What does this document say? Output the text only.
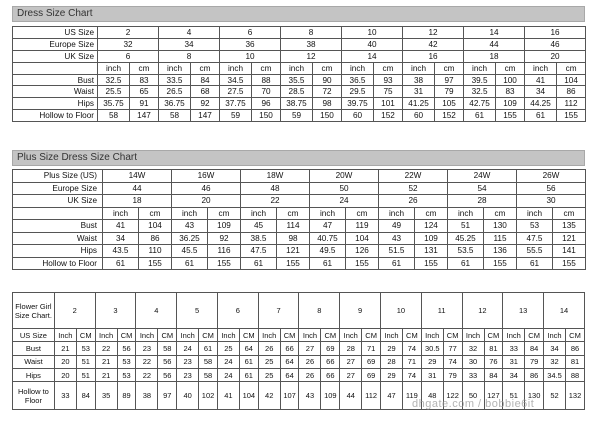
Dress Size Chart
US Size	2		4		6		8		10		12		14		16	
Europe Size	32		34		36		38		40		42		44		46	
UK Size	6		8		10		12		14		16		18		20	
	inch	cm	inch	cm	inch	cm	inch	cm	inch	cm	inch	cm	inch	cm	inch	cm
Bust	32.5	83	33.5	84	34.5	88	35.5	90	36.5	93	38	97	39.5	100	41	104
Waist	25.5	65	26.5	68	27.5	70	28.5	72	29.5	75	31	79	32.5	83	34	86
Hips	35.75	91	36.75	92	37.75	96	38.75	98	39.75	101	41.25	105	42.75	109	44.25	112
Hollow to Floor	58	147	58	147	59	150	59	150	60	152	60	152	61	155	61	155
Plus Size Dress Size Chart
Plus Size (US)	14W		16W		18W		20W		22W		24W		26W	
Europe Size	44		46		48		50		52		54		56	
UK Size	18		20		22		24		26		28		30	
	inch	cm	inch	cm	inch	cm	inch	cm	inch	cm	inch	cm	inch	cm
Bust	41	104	43	109	45	114	47	119	49	124	51	130	53	135
Waist	34	86	36.25	92	38.5	98	40.75	104	43	109	45.25	115	47.5	121
Hips	43.5	110	45.5	116	47.5	121	49.5	126	51.5	131	53.5	136	55.5	141
Hollow to Floor	61	155	61	155	61	155	61	155	61	155	61	155	61	155
Flower Girl Size Chart.	2		3		4		5		6		7		8		9		10		11		12		13		14	
US Size	Inch	CM	Inch	CM	Inch	CM	Inch	CM	Inch	CM	Inch	CM	Inch	CM	Inch	CM	Inch	CM	Inch	CM	Inch	CM	Inch	CM	Inch	CM
Bust	21	53	22	56	23	58	24	61	25	64	26	66	27	69	28	71	29	74	30.5	77	32	81	33	84	34	86
Waist	20	51	21	53	22	56	23	58	24	61	25	64	26	66	27	69	28	71	29	74	30	76	31	79	32	81
Hips	20	51	21	53	22	56	23	58	24	61	25	64	26	66	27	69	29	74	31	79	33	84	34	86	34.5	88
Hollow to Floor	33	84	35	89	38	97	40	102	41	104	42	107	43	109	44	112	47	119	48	122	50	127	51	130	52	132
dhgate.com / bobbie6it
